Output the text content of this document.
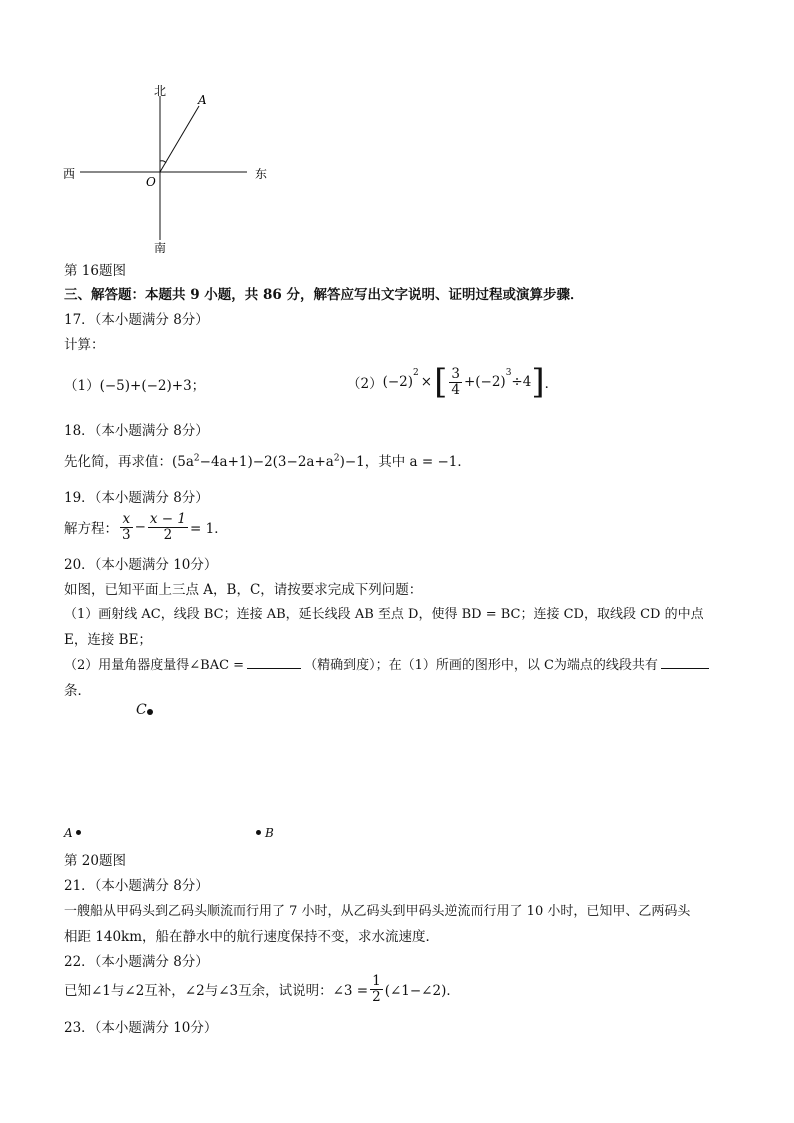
北
南
西	东
O
A
第 16题图
三、解答题：本题共 9 小题，共 86 分，解答应写出文字说明、证明过程或演算步骤．
17．（本小题满分 8分）
计算：
（1）(−5)+(−2)+3；	（2） (−2)
$^2$
× [ $\frac{3}{4} +(-2)$
$^3$
÷4 ] ．
18．（本小题满分 8分）
先化简，再求值：$(5a^2-4a+1)-2(3-2a+a^2)-1$，其中 a = −1．
19．（本小题满分 8分）
解方程： $\frac{x}{3} - \frac{x - 1}{2} = 1$．
20．（本小题满分 10分）
如图，已知平面上三点 A，B，C，请按要求完成下列问题：
（1）画射线 AC，线段 BC；连接 AB，延长线段 AB 至点 D，使得 BD = BC；连接 CD，取线段 CD 的中点
E，连接 BE；
（2）用量角器度量得∠BAC =	（精确到度）；在（1）所画的图形中，以 C为端点的线段共有
条．
C
A	B
第 20题图
21．（本小题满分 8分）
一艘船从甲码头到乙码头顺流而行用了 7 小时，从乙码头到甲码头逆流而行用了 10 小时，已知甲、乙两码头
相距 140km，船在静水中的航行速度保持不变，求水流速度．
22．（本小题满分 8分）
已知∠1与∠2互补，∠2与∠3互余，试说明：∠3 = $\frac{1}{2}$ (∠1−∠2)．
23．（本小题满分 10分）
